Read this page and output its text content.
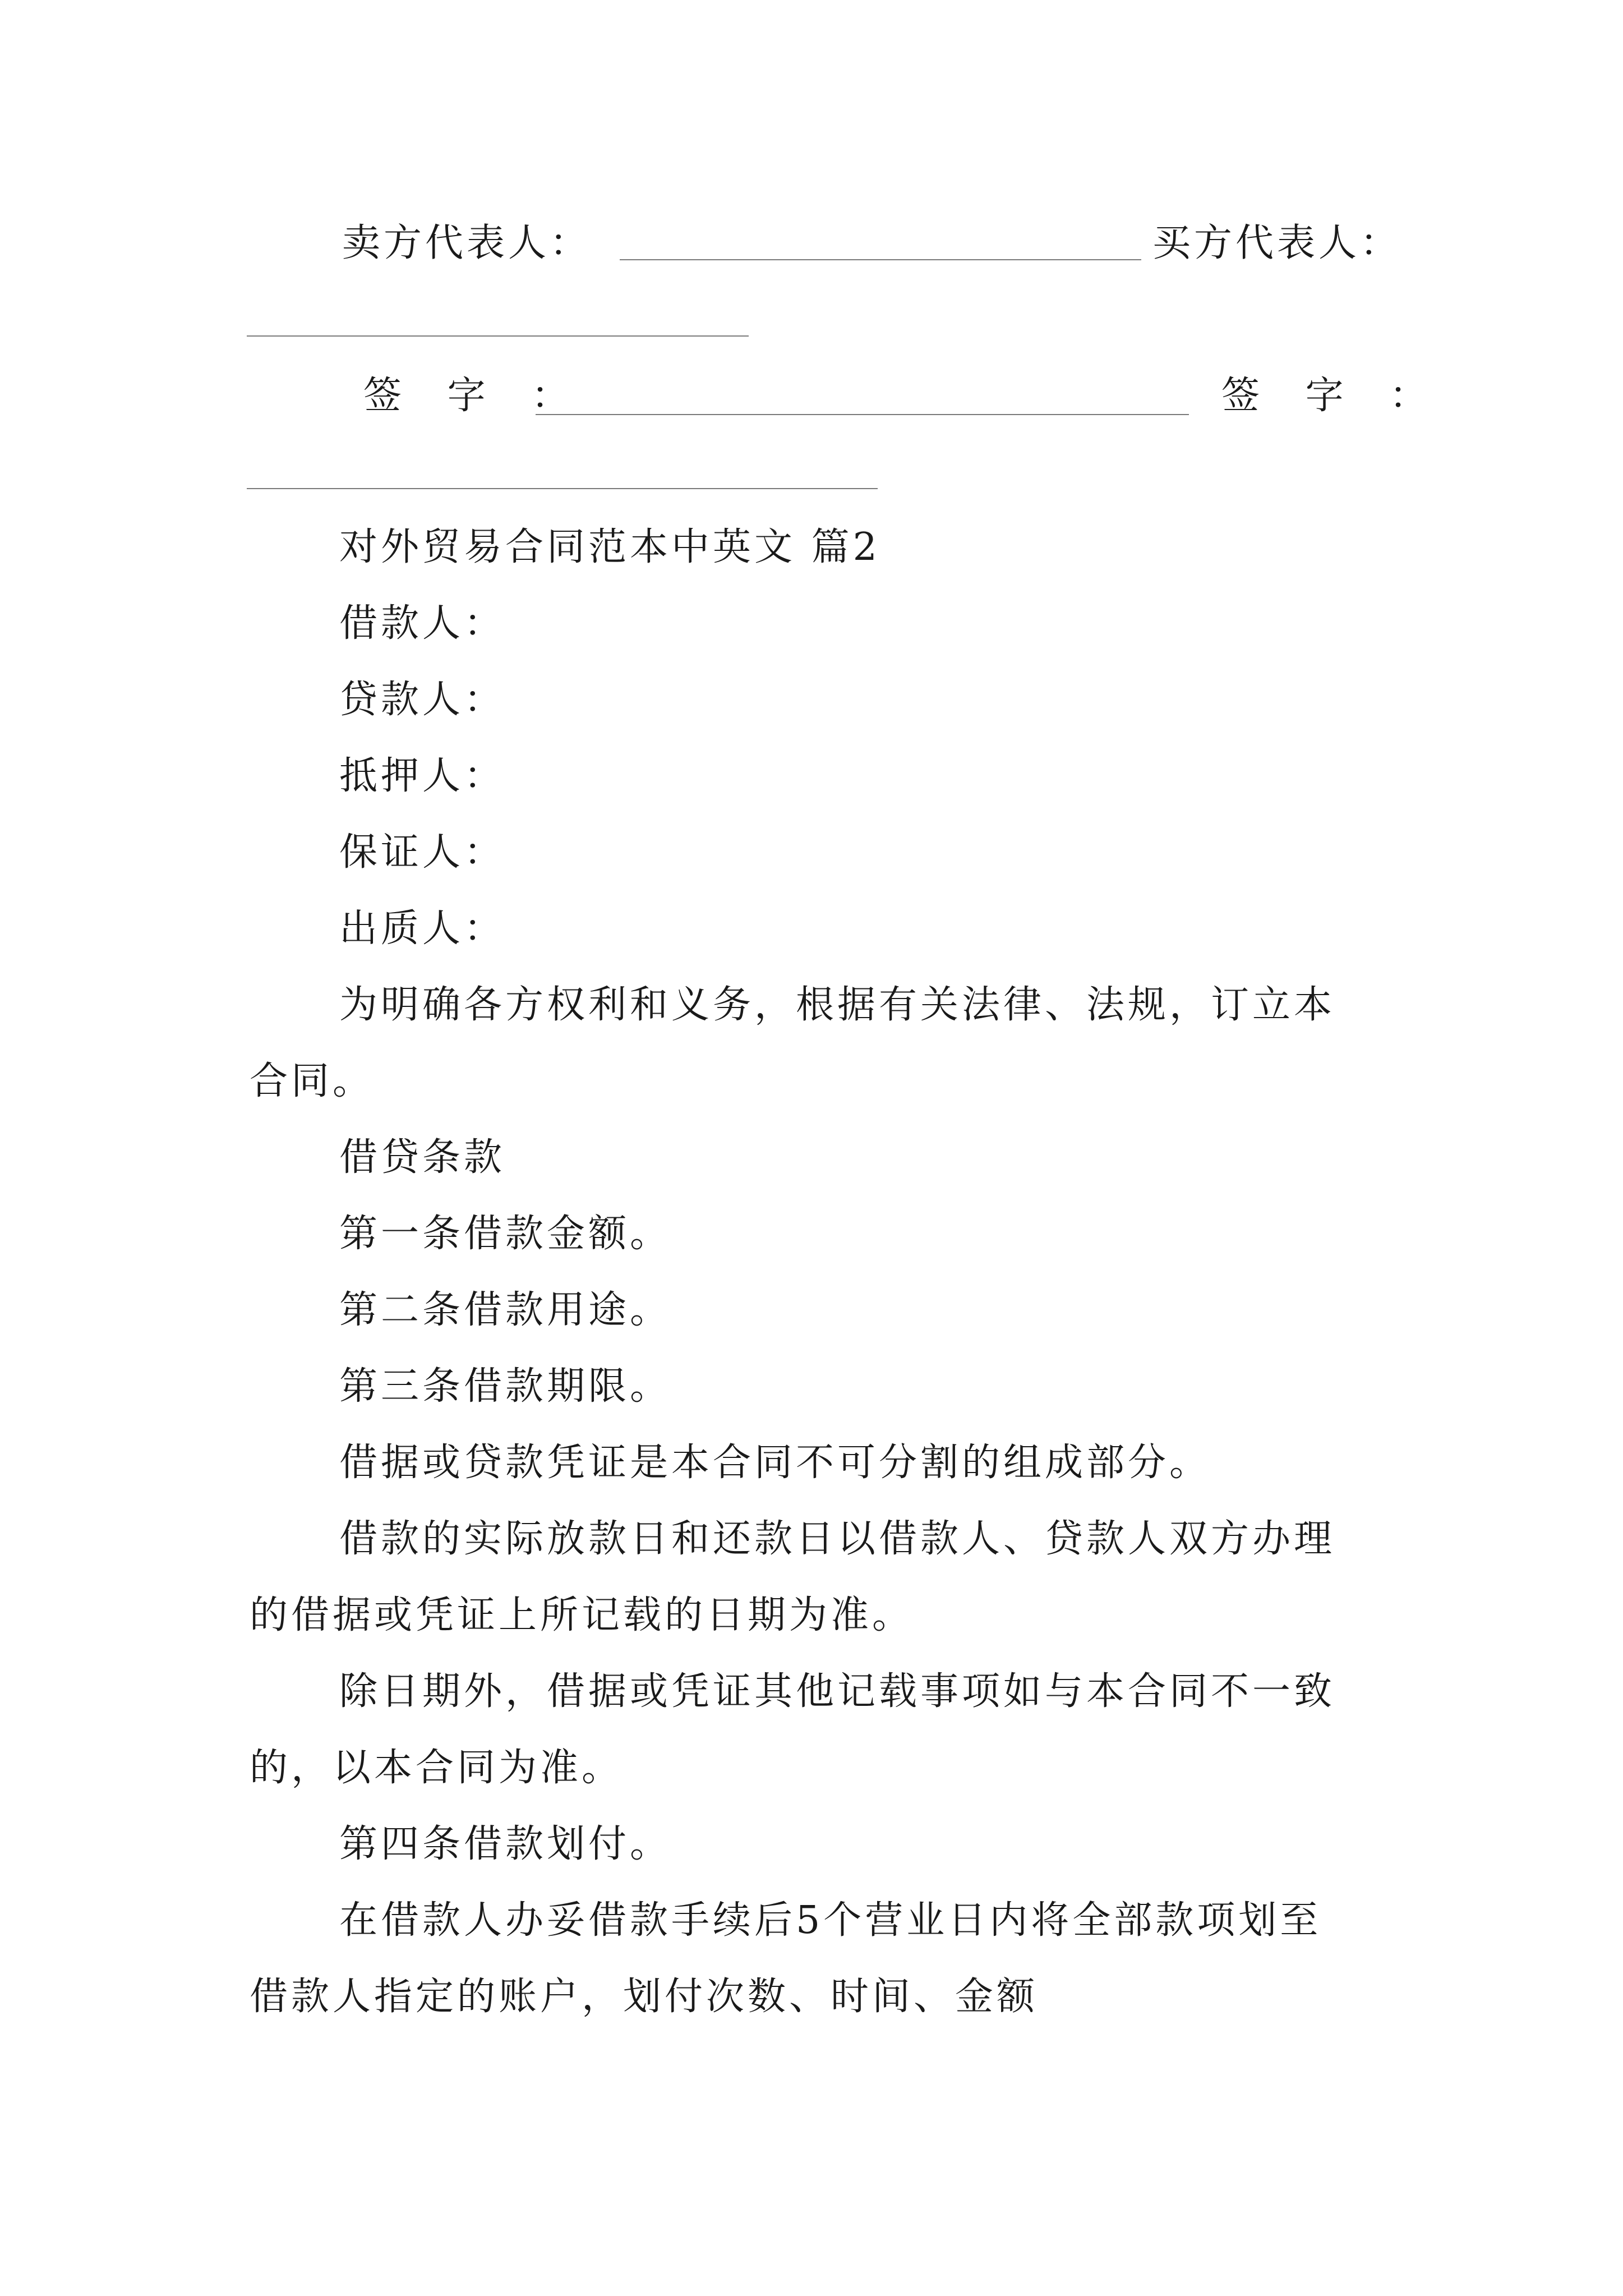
卖方代表人：	买方代表人：
签 字 ：	签 字 ：
对外贸易合同范本中英文 篇2
借款人：
贷款人：
抵押人：
保证人：
出质人：
为明确各方权利和义务，根据有关法律、法规，订立本
合同。
借贷条款
第一条借款金额。
第二条借款用途。
第三条借款期限。
借据或贷款凭证是本合同不可分割的组成部分。
借款的实际放款日和还款日以借款人、贷款人双方办理
的借据或凭证上所记载的日期为准。
除日期外，借据或凭证其他记载事项如与本合同不一致
的，以本合同为准。
第四条借款划付。
在借款人办妥借款手续后5个营业日内将全部款项划至
借款人指定的账户，划付次数、时间、金额
